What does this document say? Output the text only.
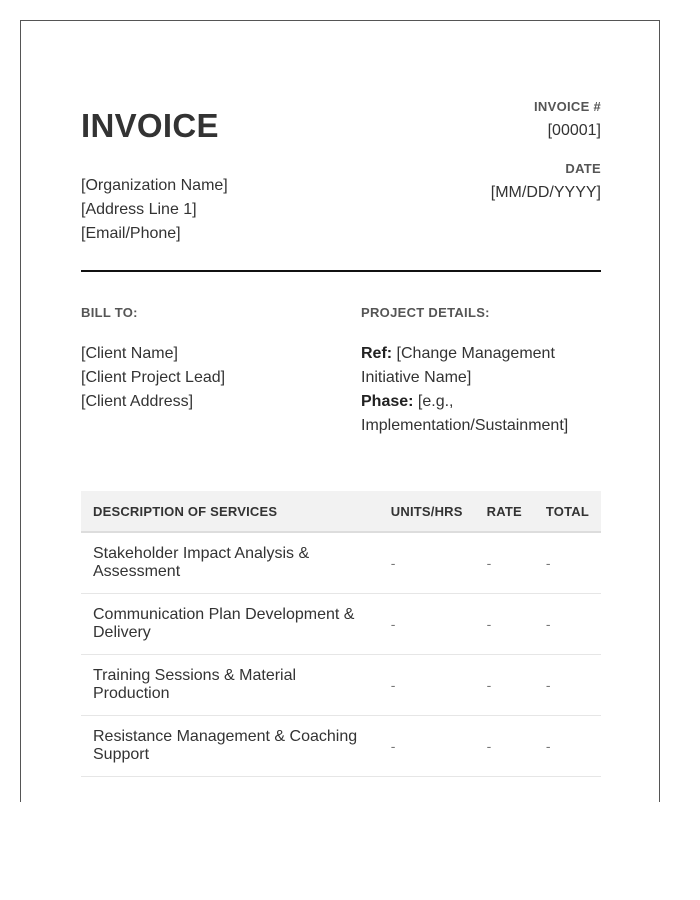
INVOICE
[Organization Name]
[Address Line 1]
[Email/Phone]
INVOICE #
[00001]
DATE
[MM/DD/YYYY]
BILL TO:
[Client Name]
[Client Project Lead]
[Client Address]
PROJECT DETAILS:
Ref: [Change Management Initiative Name]
Phase: [e.g., Implementation/Sustainment]
DESCRIPTION OF SERVICES	UNITS/HRS	RATE	TOTAL
Stakeholder Impact Analysis & Assessment	-	-	-
Communication Plan Development & Delivery	-	-	-
Training Sessions & Material Production	-	-	-
Resistance Management & Coaching Support	-	-	-
